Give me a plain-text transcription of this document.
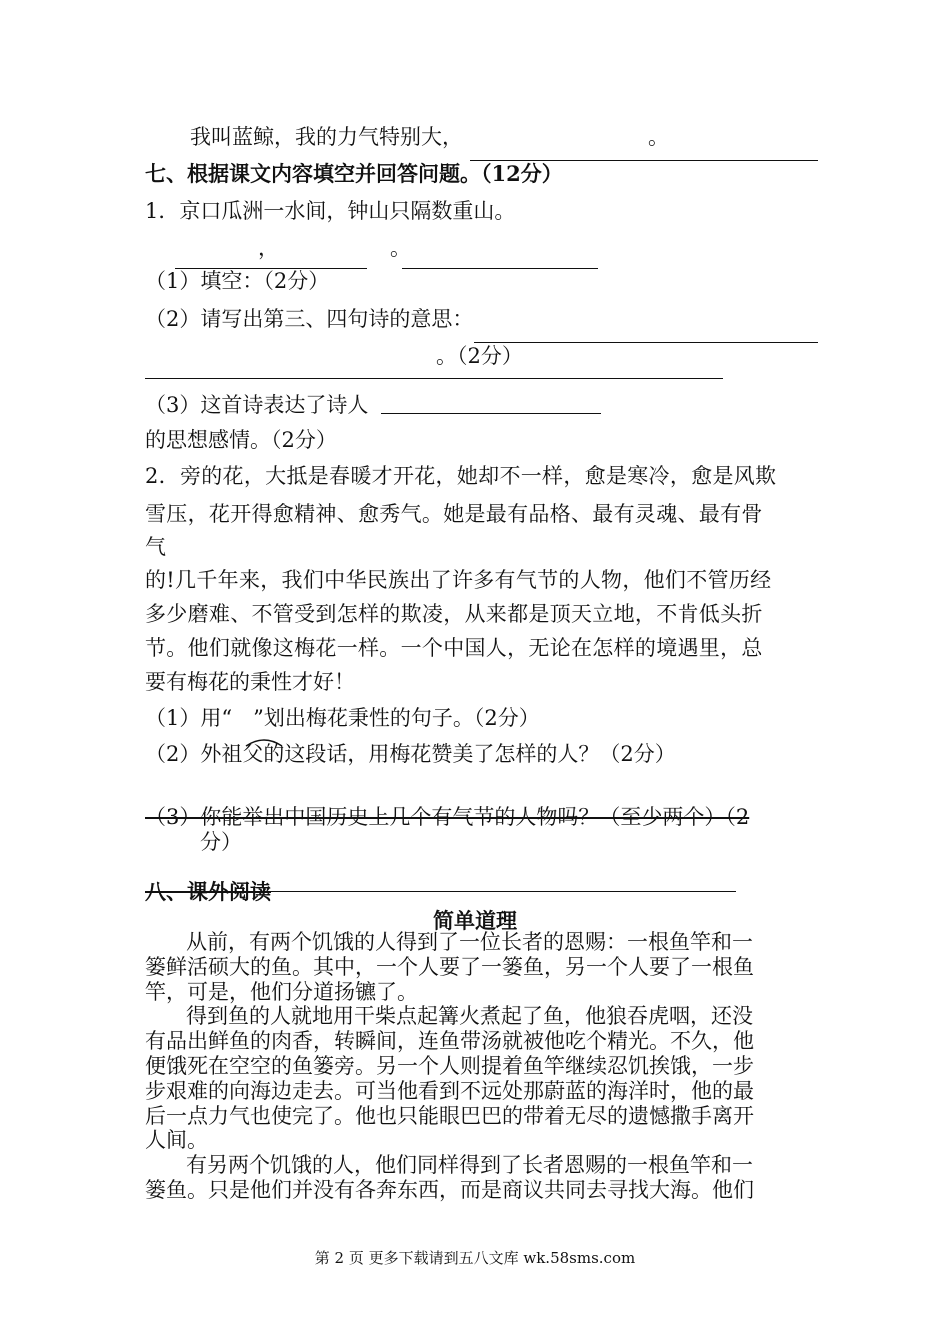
我叫蓝鲸，我的力气特别大，	。
七、根据课文内容填空并回答问题。（12分）
1．京口瓜洲一水间，钟山只隔数重山。
，	。
（1）填空：（2分）
（2）请写出第三、四句诗的意思：
。（2分）
（3）这首诗表达了诗人
的思想感情。（2分）
2．旁的花，大抵是春暖才开花，她却不一样，愈是寒冷，愈是风欺
雪压，花开得愈精神、愈秀气。她是最有品格、最有灵魂、最有骨
气
的!几千年来，我们中华民族出了许多有气节的人物，他们不管历经
多少磨难、不管受到怎样的欺凌，从来都是顶天立地，不肯低头折
节。他们就像这梅花一样。一个中国人，无论在怎样的境遇里，总
要有梅花的秉性才好！
（1）用“　”划出梅花秉性的句子。（2分）
（2）外祖父的这段话，用梅花赞美了怎样的人？（2分）
（3）你能举出中国历史上几个有气节的人物吗？（至少两个）（2
分）
八、课外阅读
简单道理
从前，有两个饥饿的人得到了一位长者的恩赐：一根鱼竿和一
篓鲜活硕大的鱼。其中，一个人要了一篓鱼，另一个人要了一根鱼
竿，可是，他们分道扬镳了。
得到鱼的人就地用干柴点起篝火煮起了鱼，他狼吞虎咽，还没
有品出鲜鱼的肉香，转瞬间，连鱼带汤就被他吃个精光。不久，他
便饿死在空空的鱼篓旁。另一个人则提着鱼竿继续忍饥挨饿，一步
步艰难的向海边走去。可当他看到不远处那蔚蓝的海洋时，他的最
后一点力气也使完了。他也只能眼巴巴的带着无尽的遗憾撒手离开
人间。
有另两个饥饿的人，他们同样得到了长者恩赐的一根鱼竿和一
篓鱼。只是他们并没有各奔东西，而是商议共同去寻找大海。他们
第 2 页 更多下载请到五八文库 wk.58sms.com
